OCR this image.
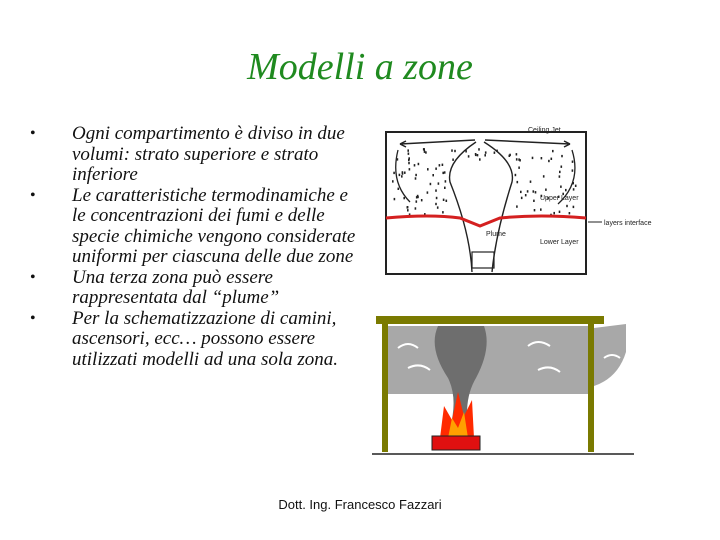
Modelli a zone
• Ogni compartimento è diviso in due volumi: strato superiore e strato inferiore
• Le caratteristiche termodinamiche e le concentrazioni dei fumi e delle specie chimiche vengono considerate uniformi per ciascuna delle due zone
• Una terza zona può essere rappresentata dal “plume”
• Per la schematizzazione di camini, ascensori, ecc… possono essere utilizzati modelli ad una sola zona.
Ceiling Jet
Upper Layer
layers interface
Plume
Lower Layer
Dott. Ing. Francesco Fazzari
